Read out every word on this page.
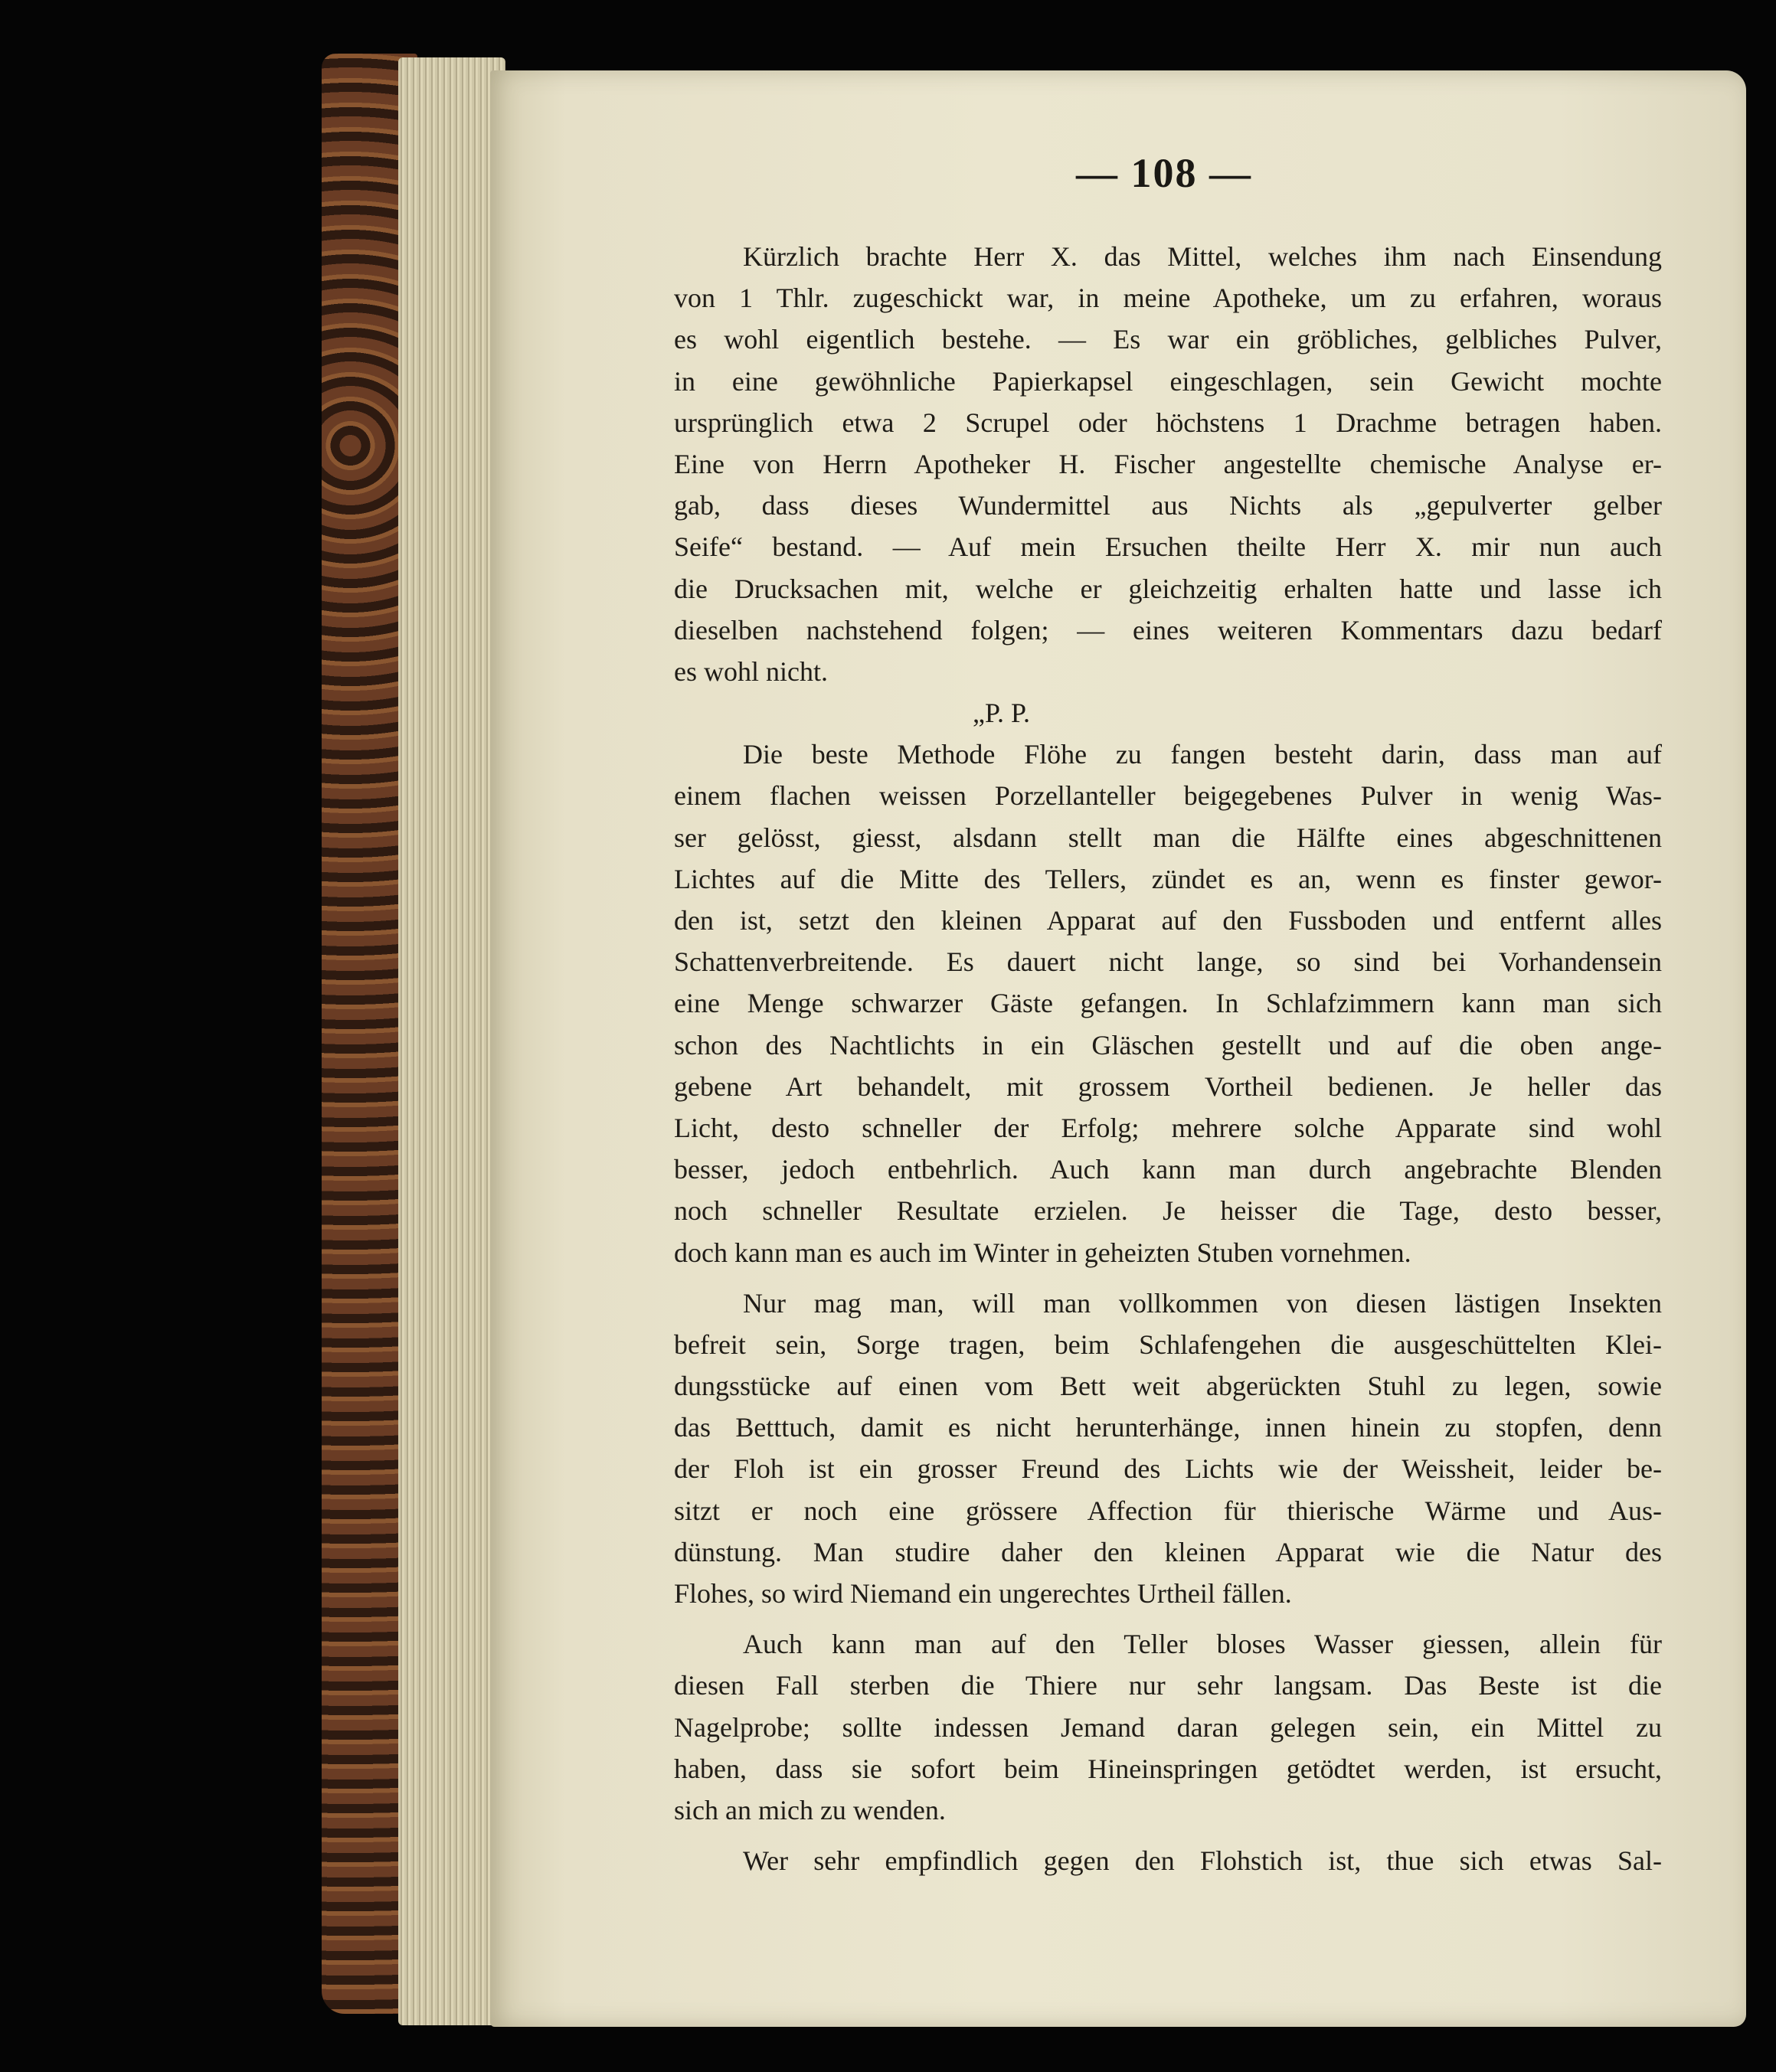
— 108 —
Kürzlich brachte Herr X. das Mittel, welches ihm nach Einsendung
von 1 Thlr. zugeschickt war, in meine Apotheke, um zu erfahren, woraus
es wohl eigentlich bestehe. — Es war ein gröbliches, gelbliches Pulver,
in eine gewöhnliche Papierkapsel eingeschlagen, sein Gewicht mochte
ursprünglich etwa 2 Scrupel oder höchstens 1 Drachme betragen haben.
Eine von Herrn Apotheker H. Fischer angestellte chemische Analyse er-
gab, dass dieses Wundermittel aus Nichts als „gepulverter gelber
Seife“ bestand. — Auf mein Ersuchen theilte Herr X. mir nun auch
die Drucksachen mit, welche er gleichzeitig erhalten hatte und lasse ich
dieselben nachstehend folgen; — eines weiteren Kommentars dazu bedarf
es wohl nicht.
„P. P.
Die beste Methode Flöhe zu fangen besteht darin, dass man auf
einem flachen weissen Porzellanteller beigegebenes Pulver in wenig Was-
ser gelösst, giesst, alsdann stellt man die Hälfte eines abgeschnittenen
Lichtes auf die Mitte des Tellers, zündet es an, wenn es finster gewor-
den ist, setzt den kleinen Apparat auf den Fussboden und entfernt alles
Schattenverbreitende. Es dauert nicht lange, so sind bei Vorhandensein
eine Menge schwarzer Gäste gefangen. In Schlafzimmern kann man sich
schon des Nachtlichts in ein Gläschen gestellt und auf die oben ange-
gebene Art behandelt, mit grossem Vortheil bedienen. Je heller das
Licht, desto schneller der Erfolg; mehrere solche Apparate sind wohl
besser, jedoch entbehrlich. Auch kann man durch angebrachte Blenden
noch schneller Resultate erzielen. Je heisser die Tage, desto besser,
doch kann man es auch im Winter in geheizten Stuben vornehmen.
Nur mag man, will man vollkommen von diesen lästigen Insekten
befreit sein, Sorge tragen, beim Schlafengehen die ausgeschüttelten Klei-
dungsstücke auf einen vom Bett weit abgerückten Stuhl zu legen, sowie
das Betttuch, damit es nicht herunterhänge, innen hinein zu stopfen, denn
der Floh ist ein grosser Freund des Lichts wie der Weissheit, leider be-
sitzt er noch eine grössere Affection für thierische Wärme und Aus-
dünstung. Man studire daher den kleinen Apparat wie die Natur des
Flohes, so wird Niemand ein ungerechtes Urtheil fällen.
Auch kann man auf den Teller bloses Wasser giessen, allein für
diesen Fall sterben die Thiere nur sehr langsam. Das Beste ist die
Nagelprobe; sollte indessen Jemand daran gelegen sein, ein Mittel zu
haben, dass sie sofort beim Hineinspringen getödtet werden, ist ersucht,
sich an mich zu wenden.
Wer sehr empfindlich gegen den Flohstich ist, thue sich etwas Sal-
